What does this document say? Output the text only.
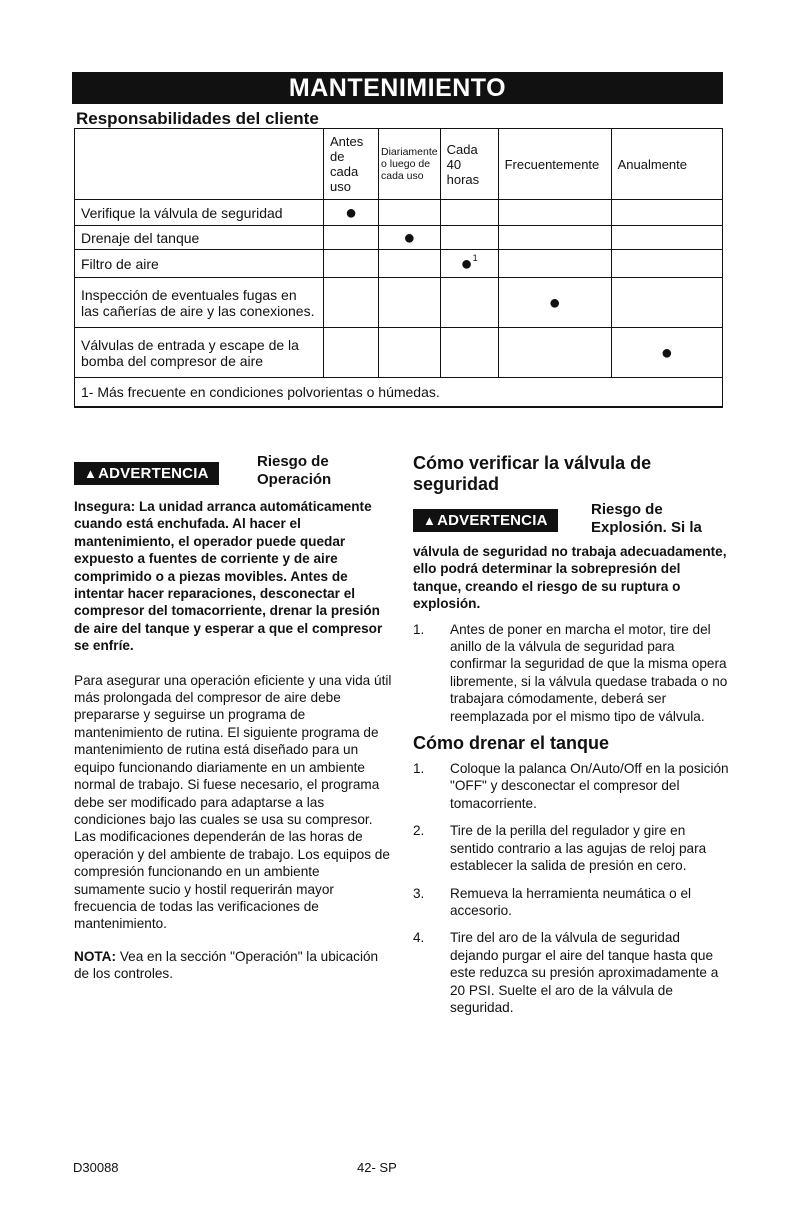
MANTENIMIENTO
Responsabilidades del cliente
	Antes de cada uso	Diariamente o luego de cada uso	Cada 40 horas	Frecuentemente	Anualmente
Verifique la válvula de seguridad	●				
Drenaje del tanque		●			
Filtro de aire			●$^1$		
Inspección de eventuales fugas en las cañerías de aire y las conexiones.				●	
Válvulas de entrada y escape de la bomba del compresor de aire					●
1- Más frecuente en condiciones polvorientas o húmedas.					
▲ADVERTENCIA
Riesgo de
Operación

Insegura: La unidad arranca automáticamente cuando está enchufada. Al hacer el mantenimiento, el operador puede quedar expuesto a fuentes de corriente y de aire comprimido o a piezas movibles. Antes de intentar hacer reparaciones, desconectar el compresor del tomacorriente, drenar la presión de aire del tanque y esperar a que el compresor se enfríe.

Para asegurar una operación eficiente y una vida útil más prolongada del compresor de aire debe prepararse y seguirse un programa de mantenimiento de rutina. El siguiente programa de mantenimiento de rutina está diseñado para un equipo funcionando diariamente en un ambiente normal de trabajo. Si fuese necesario, el programa debe ser modificado para adaptarse a las condiciones bajo las cuales se usa su compresor. Las modificaciones dependerán de las horas de operación y del ambiente de trabajo. Los equipos de compresión funcionando en un ambiente sumamente sucio y hostil requerirán mayor frecuencia de todas las verificaciones de mantenimiento.

NOTA: Vea en la sección "Operación" la ubicación de los controles.

Cómo verificar la válvula de seguridad
▲ADVERTENCIA
Riesgo de
Explosión. Si la

válvula de seguridad no trabaja adecuadamente, ello podrá determinar la sobrepresión del tanque, creando el riesgo de su ruptura o explosión.

1. Antes de poner en marcha el motor, tire del anillo de la válvula de seguridad para confirmar la seguridad de que la misma opera libremente, si la válvula quedase trabada o no trabajara cómodamente, deberá ser reemplazada por el mismo tipo de válvula.
Cómo drenar el tanque
1. Coloque la palanca On/Auto/Off en la posición "OFF" y desconectar el compresor del tomacorriente.
2. Tire de la perilla del regulador y gire en sentido contrario a las agujas de reloj para establecer la salida de presión en cero.
3. Remueva la herramienta neumática o el accesorio.
4. Tire del aro de la válvula de seguridad dejando purgar el aire del tanque hasta que este reduzca su presión aproximadamente a 20 PSI. Suelte el aro de la válvula de seguridad.
D30088	42- SP
